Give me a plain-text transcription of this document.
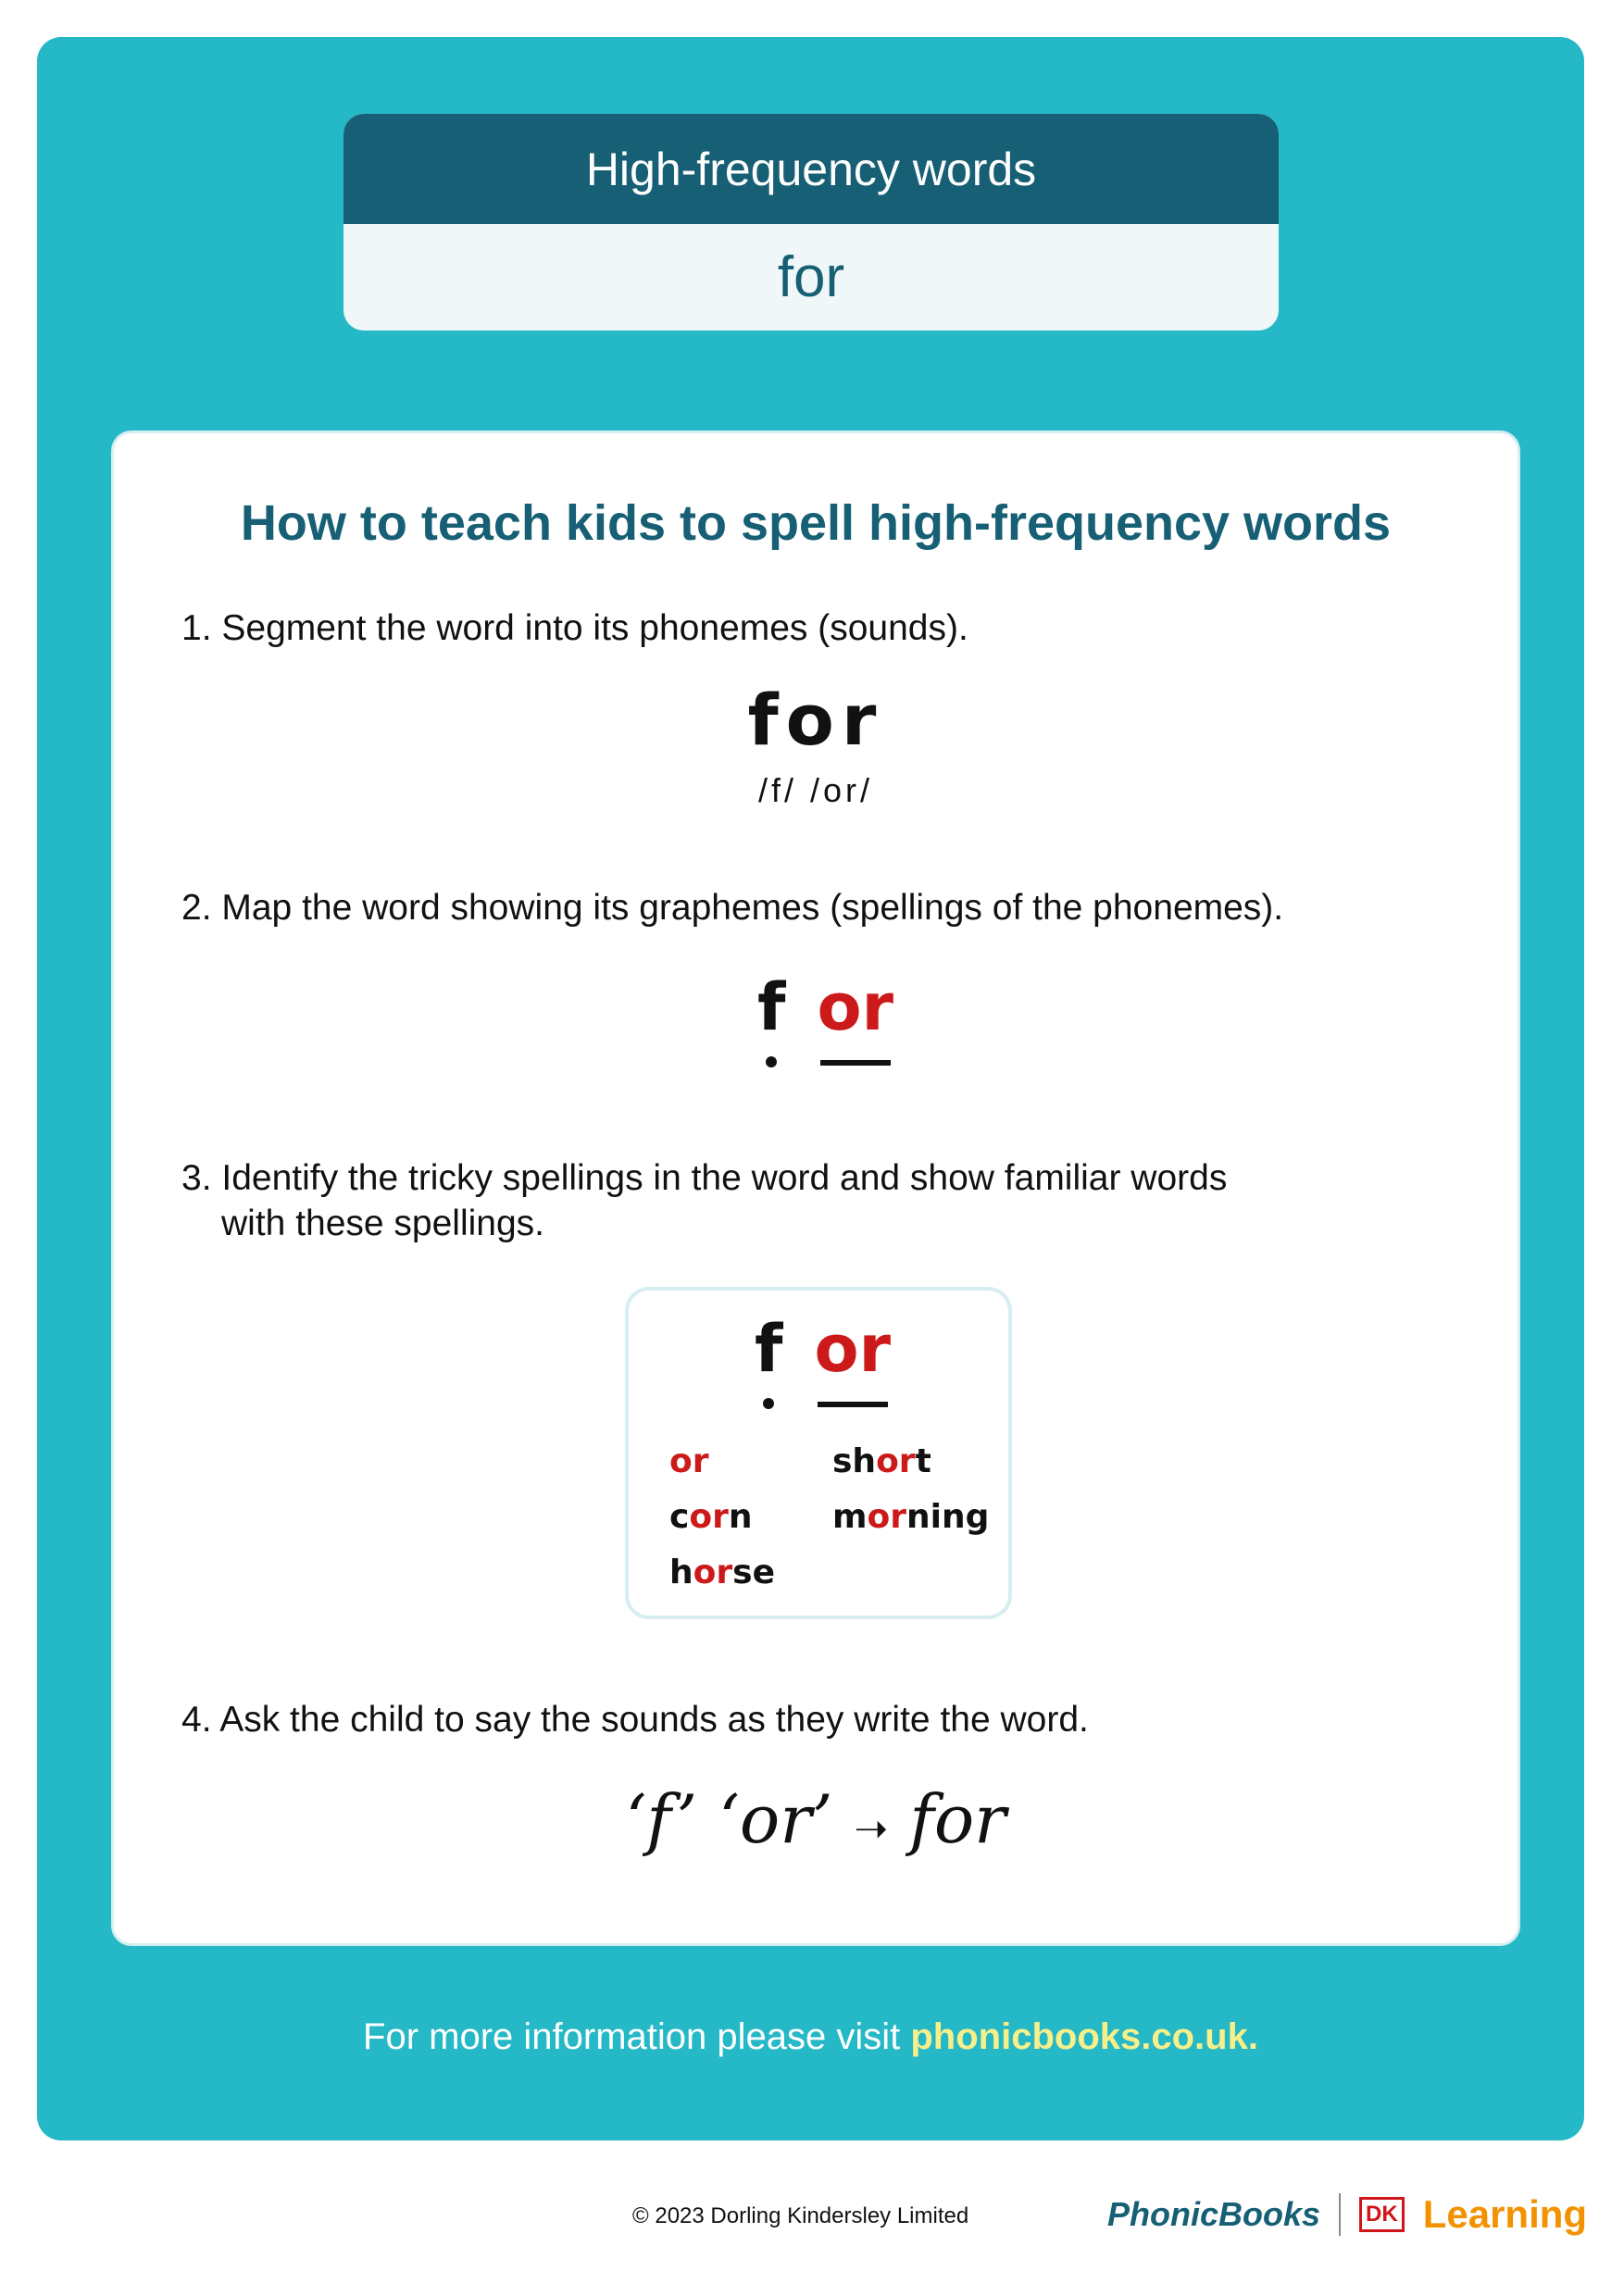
High-frequency words
for
How to teach kids to spell high-frequency words
1. Segment the word into its phonemes (sounds).
for
/f/ /or/
2. Map the word showing its graphemes (spellings of the phonemes).
f or
3. Identify the tricky spellings in the word and show familiar words
with these spellings.
f or
or	short
corn	morning
horse
4. Ask the child to say the sounds as they write the word.
‘f’ ‘or’ ➝ for
For more information please visit phonicbooks.co.uk.
© 2023 Dorling Kindersley Limited	PhonicBooks DK Learning
